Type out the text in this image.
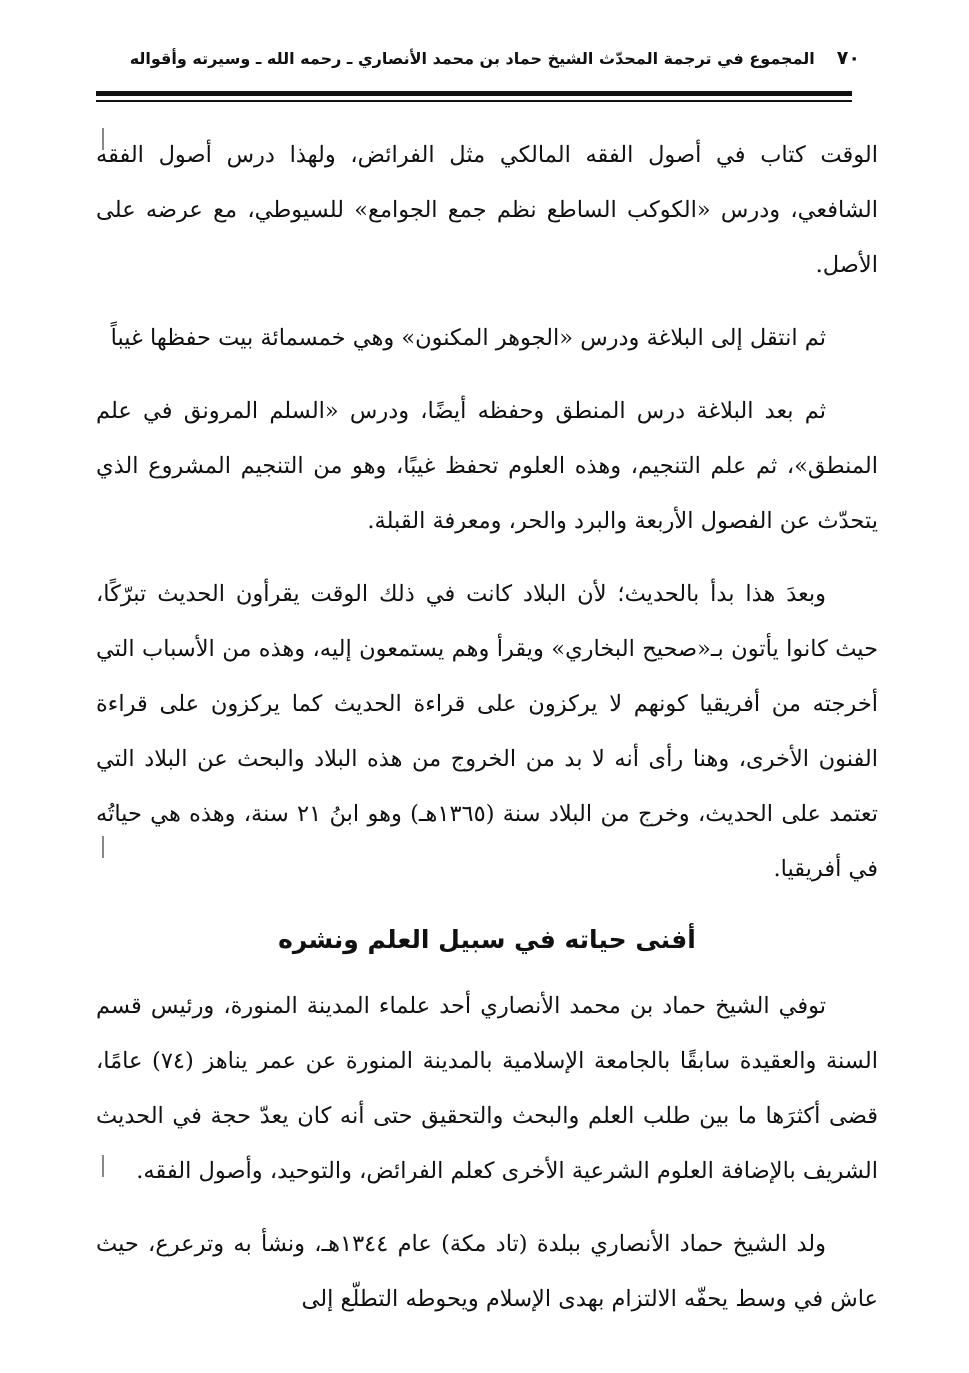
٧٠
المجموع في ترجمة المحدّث الشيخ حماد بن محمد الأنصاري ـ رحمه الله ـ وسيرته وأقواله

الوقت كتاب في أصول الفقه المالكي مثل الفرائض، ولهذا درس أصول الفقه الشافعي، ودرس «الكوكب الساطع نظم جمع الجوامع» للسيوطي، مع عرضه على الأصل.

ثم انتقل إلى البلاغة ودرس «الجوهر المكنون» وهي خمسمائة بيت حفظها غيباً

ثم بعد البلاغة درس المنطق وحفظه أيضًا، ودرس «السلم المرونق في علم المنطق»، ثم علم التنجيم، وهذه العلوم تحفظ غيبًا، وهو من التنجيم المشروع الذي يتحدّث عن الفصول الأربعة والبرد والحر، ومعرفة القبلة.

وبعدَ هذا بدأ بالحديث؛ لأن البلاد كانت في ذلك الوقت يقرأون الحديث تبرّكًا، حيث كانوا يأتون بـ«صحيح البخاري» ويقرأ وهم يستمعون إليه، وهذه من الأسباب التي أخرجته من أفريقيا كونهم لا يركزون على قراءة الحديث كما يركزون على قراءة الفنون الأخرى، وهنا رأى أنه لا بد من الخروج من هذه البلاد والبحث عن البلاد التي تعتمد على الحديث، وخرج من البلاد سنة (١٣٦٥هـ) وهو ابنُ ٢١ سنة، وهذه هي حياتُه في أفريقيا.

أفنى حياته في سبيل العلم ونشره

توفي الشيخ حماد بن محمد الأنصاري أحد علماء المدينة المنورة، ورئيس قسم السنة والعقيدة سابقًا بالجامعة الإسلامية بالمدينة المنورة عن عمر يناهز (٧٤) عامًا، قضى أكثرَها ما بين طلب العلم والبحث والتحقيق حتى أنه كان يعدّ حجة في الحديث الشريف بالإضافة العلوم الشرعية الأخرى كعلم الفرائض، والتوحيد، وأصول الفقه.

ولد الشيخ حماد الأنصاري ببلدة (تاد مكة) عام ١٣٤٤هـ، ونشأ به وترعرع، حيث عاش في وسط يحفّه الالتزام بهدى الإسلام ويحوطه التطلّع إلى
